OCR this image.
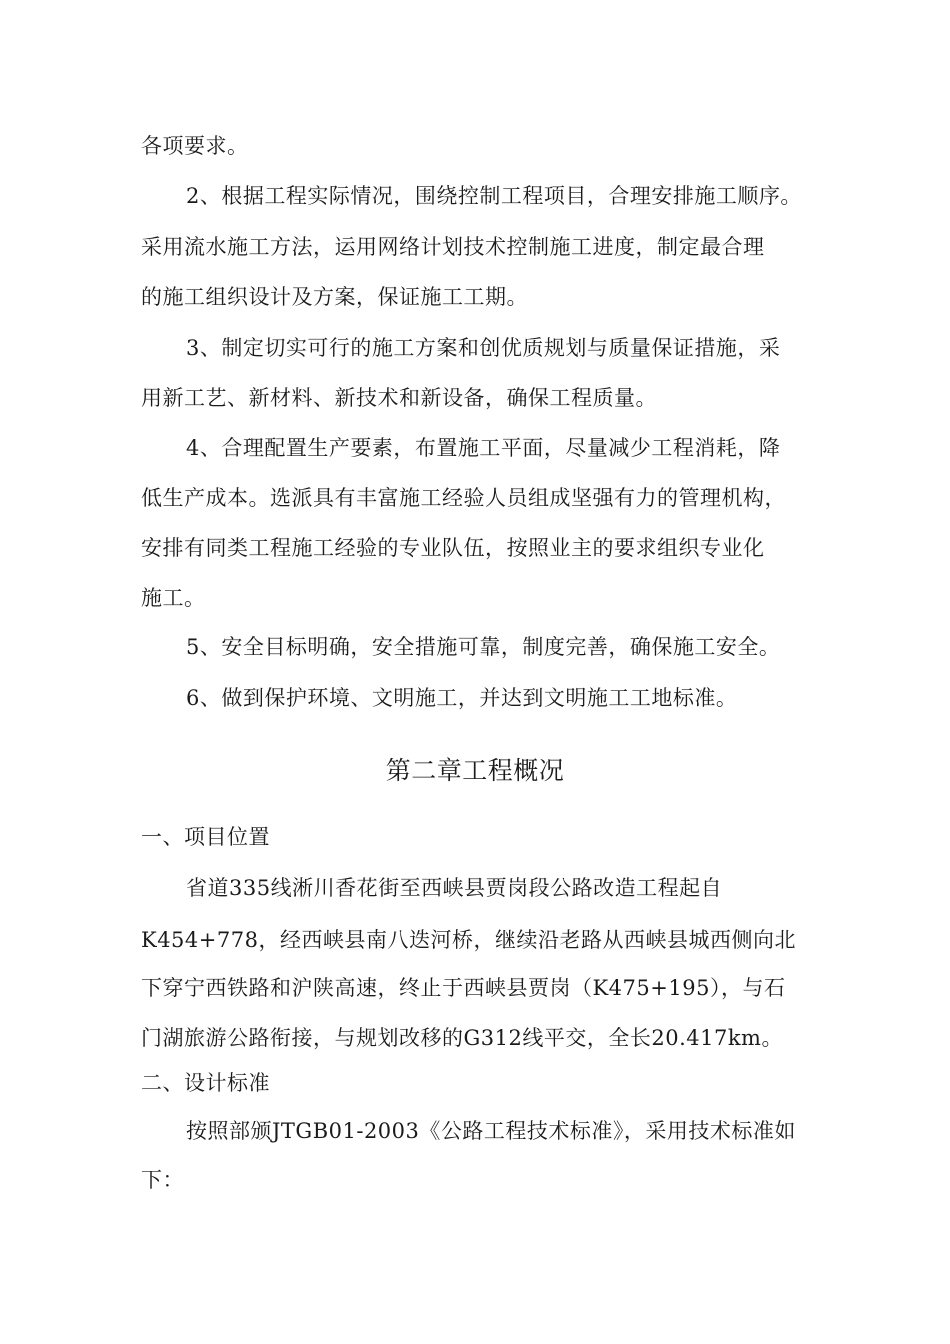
各项要求。
2、根据工程实际情况，围绕控制工程项目，合理安排施工顺序。
采用流水施工方法，运用网络计划技术控制施工进度，制定最合理
的施工组织设计及方案，保证施工工期。
3、制定切实可行的施工方案和创优质规划与质量保证措施，采
用新工艺、新材料、新技术和新设备，确保工程质量。
4、合理配置生产要素，布置施工平面，尽量减少工程消耗，降
低生产成本。选派具有丰富施工经验人员组成坚强有力的管理机构，
安排有同类工程施工经验的专业队伍，按照业主的要求组织专业化
施工。
5、安全目标明确，安全措施可靠，制度完善，确保施工安全。
6、做到保护环境、文明施工，并达到文明施工工地标准。
第二章工程概况
一、项目位置
省道335线淅川香花街至西峡县贾岗段公路改造工程起自
K454+778，经西峡县南八迭河桥，继续沿老路从西峡县城西侧向北
下穿宁西铁路和沪陕高速，终止于西峡县贾岗（K475+195），与石
门湖旅游公路衔接，与规划改移的G312线平交，全长20.417km。
二、设计标准
按照部颁JTGB01-2003《公路工程技术标准》，采用技术标准如
下：
